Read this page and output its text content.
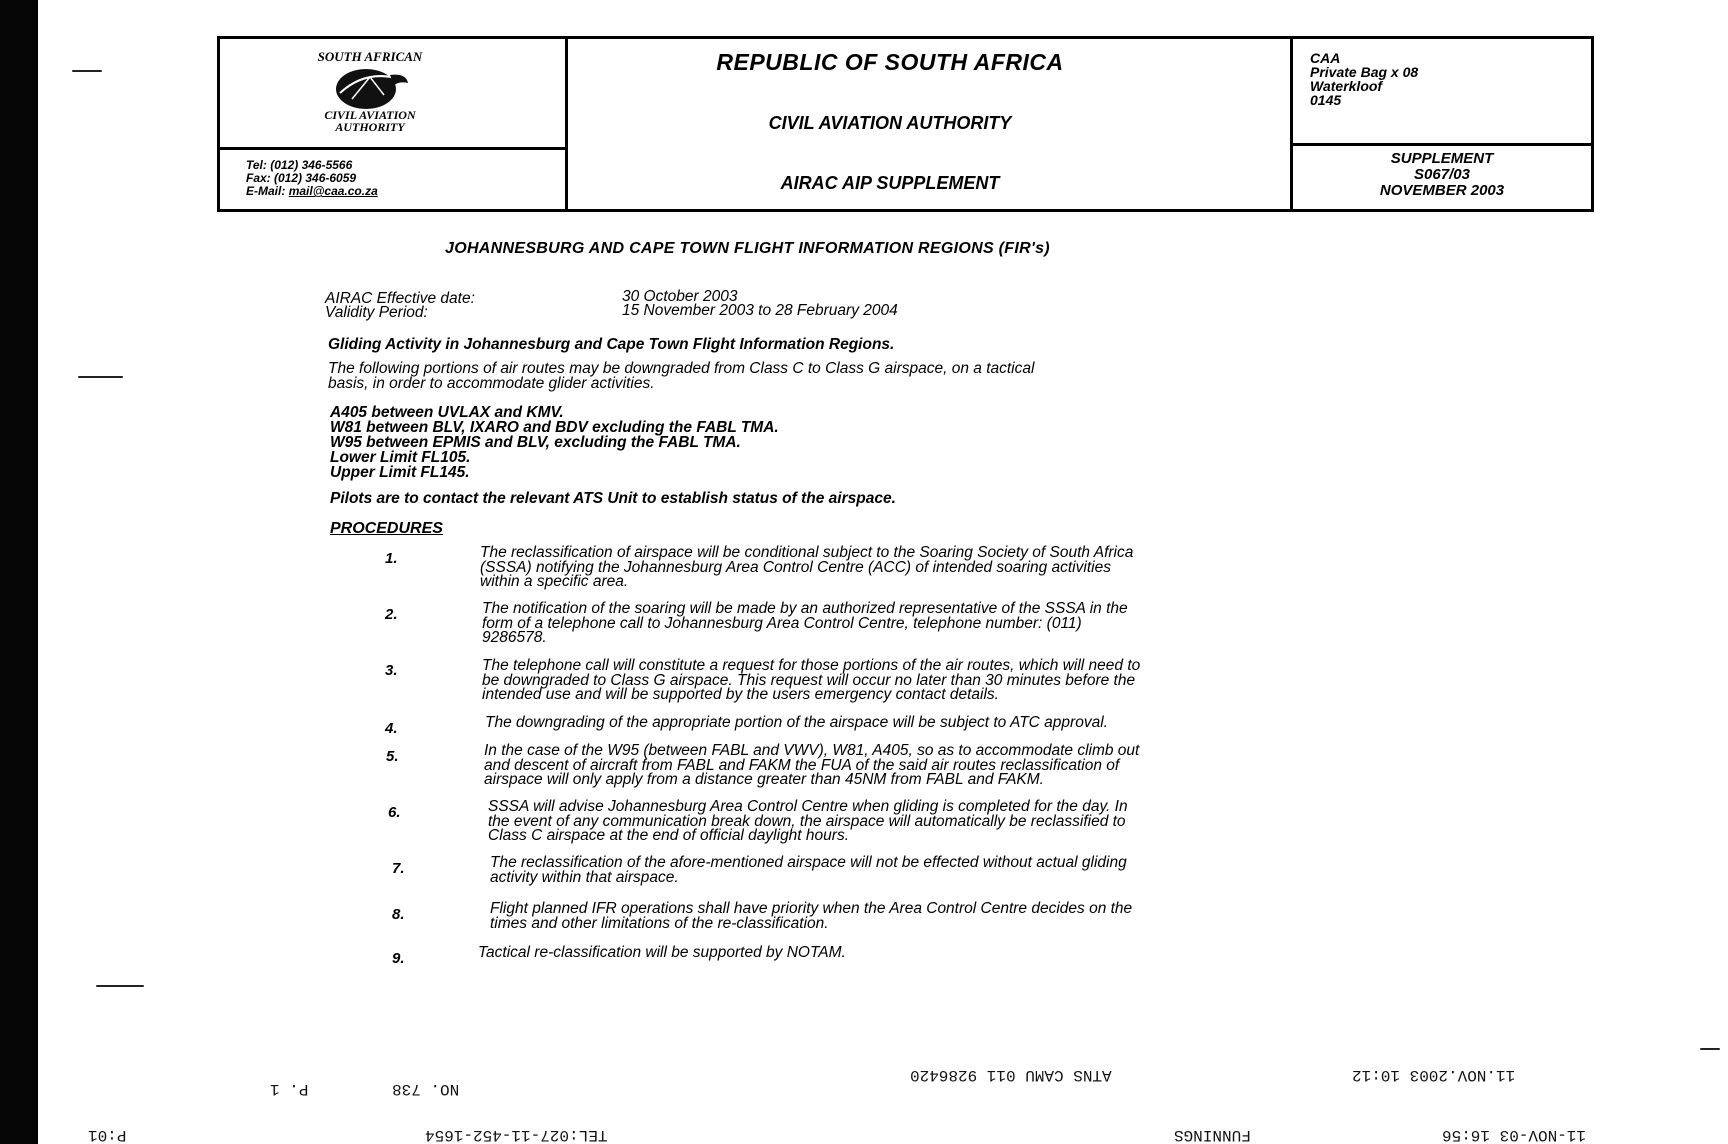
SOUTH AFRICAN
CIVIL AVIATION
AUTHORITY
Tel: (012) 346-5566
Fax: (012) 346-6059
E-Mail: mail@caa.co.za
REPUBLIC OF SOUTH AFRICA
CIVIL AVIATION AUTHORITY
AIRAC AIP SUPPLEMENT
CAA
Private Bag x 08
Waterkloof
0145
SUPPLEMENT
S067/03
NOVEMBER 2003
JOHANNESBURG AND CAPE TOWN FLIGHT INFORMATION REGIONS (FIR's)
AIRAC Effective date:	30 October 2003
Validity Period:	15 November 2003 to 28 February 2004
Gliding Activity in Johannesburg and Cape Town Flight Information Regions.
The following portions of air routes may be downgraded from Class C to Class G airspace, on a tactical
basis, in order to accommodate glider activities.
A405 between UVLAX and KMV.
W81 between BLV, IXARO and BDV excluding the FABL TMA.
W95 between EPMIS and BLV, excluding the FABL TMA.
Lower Limit FL105.
Upper Limit FL145.
Pilots are to contact the relevant ATS Unit to establish status of the airspace.
PROCEDURES
1.	The reclassification of airspace will be conditional subject to the Soaring Society of South Africa
(SSSA) notifying the Johannesburg Area Control Centre (ACC) of intended soaring activities
within a specific area.
2.	The notification of the soaring will be made by an authorized representative of the SSSA in the
form of a telephone call to Johannesburg Area Control Centre, telephone number: (011)
9286578.
3.	The telephone call will constitute a request for those portions of the air routes, which will need to
be downgraded to Class G airspace. This request will occur no later than 30 minutes before the
intended use and will be supported by the users emergency contact details.
4.	The downgrading of the appropriate portion of the airspace will be subject to ATC approval.
5.	In the case of the W95 (between FABL and VWV), W81, A405, so as to accommodate climb out
and descent of aircraft from FABL and FAKM the FUA of the said air routes reclassification of
airspace will only apply from a distance greater than 45NM from FABL and FAKM.
6.	SSSA will advise Johannesburg Area Control Centre when gliding is completed for the day. In
the event of any communication break down, the airspace will automatically be reclassified to
Class C airspace at the end of official daylight hours.
7.	The reclassification of the afore-mentioned airspace will not be effected without actual gliding
activity within that airspace.
8.	Flight planned IFR operations shall have priority when the Area Control Centre decides on the
times and other limitations of the re-classification.
9.	Tactical re-classification will be supported by NOTAM.
P. 1	NO. 738
ATNS CAMU 011 9286420	11.NOV.2003 10:12
P:01	TEL:027-11-452-1654	FUNNINGS	11-NOV-03 16:56
